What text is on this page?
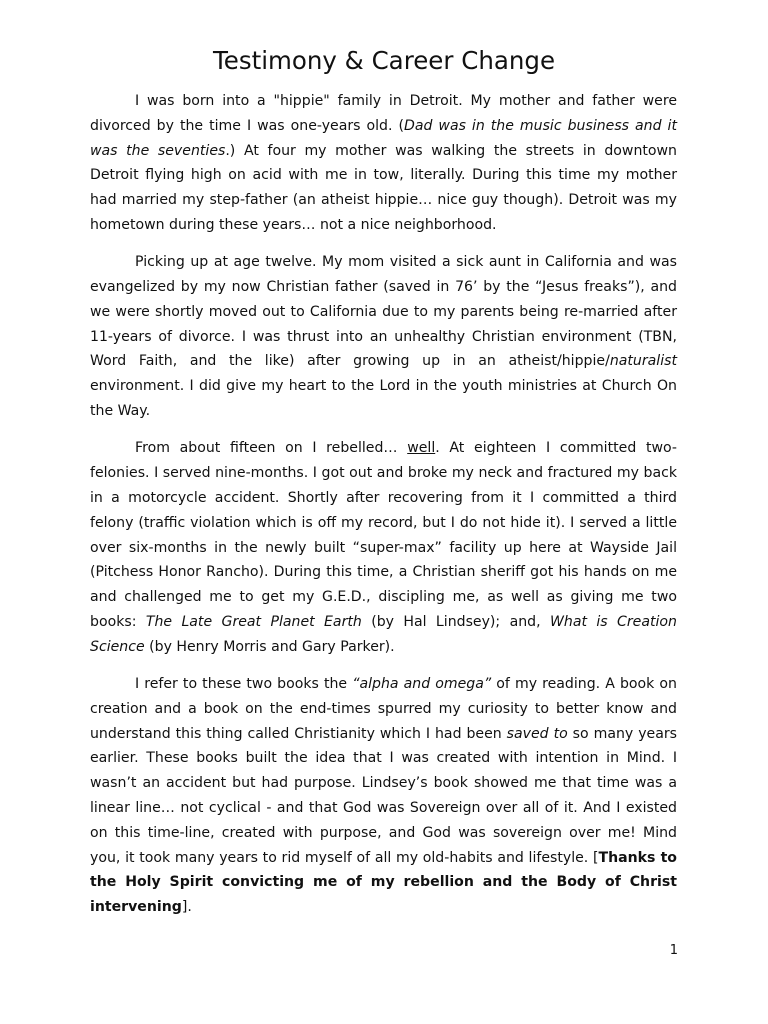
Testimony & Career Change

I was born into a "hippie" family in Detroit. My mother and father were divorced by the time I was one-years old. (Dad was in the music business and it was the seventies.) At four my mother was walking the streets in downtown Detroit flying high on acid with me in tow, literally. During this time my mother had married my step-father (an atheist hippie… nice guy though). Detroit was my hometown during these years… not a nice neighborhood.

Picking up at age twelve. My mom visited a sick aunt in California and was evangelized by my now Christian father (saved in 76’ by the “Jesus freaks”), and we were shortly moved out to California due to my parents being re-married after 11-years of divorce. I was thrust into an unhealthy Christian environment (TBN, Word Faith, and the like) after growing up in an atheist/hippie/naturalist environment. I did give my heart to the Lord in the youth ministries at Church On the Way.

From about fifteen on I rebelled… well. At eighteen I committed two-felonies. I served nine-months. I got out and broke my neck and fractured my back in a motorcycle accident. Shortly after recovering from it I committed a third felony (traffic violation which is off my record, but I do not hide it). I served a little over six-months in the newly built “super-max” facility up here at Wayside Jail (Pitchess Honor Rancho). During this time, a Christian sheriff got his hands on me and challenged me to get my G.E.D., discipling me, as well as giving me two books: The Late Great Planet Earth (by Hal Lindsey); and, What is Creation Science (by Henry Morris and Gary Parker).

I refer to these two books the “alpha and omega” of my reading. A book on creation and a book on the end-times spurred my curiosity to better know and understand this thing called Christianity which I had been saved to so many years earlier. These books built the idea that I was created with intention in Mind. I wasn’t an accident but had purpose. Lindsey’s book showed me that time was a linear line… not cyclical - and that God was Sovereign over all of it. And I existed on this time-line, created with purpose, and God was sovereign over me! Mind you, it took many years to rid myself of all my old-habits and lifestyle. [Thanks to the Holy Spirit convicting me of my rebellion and the Body of Christ intervening].

1
